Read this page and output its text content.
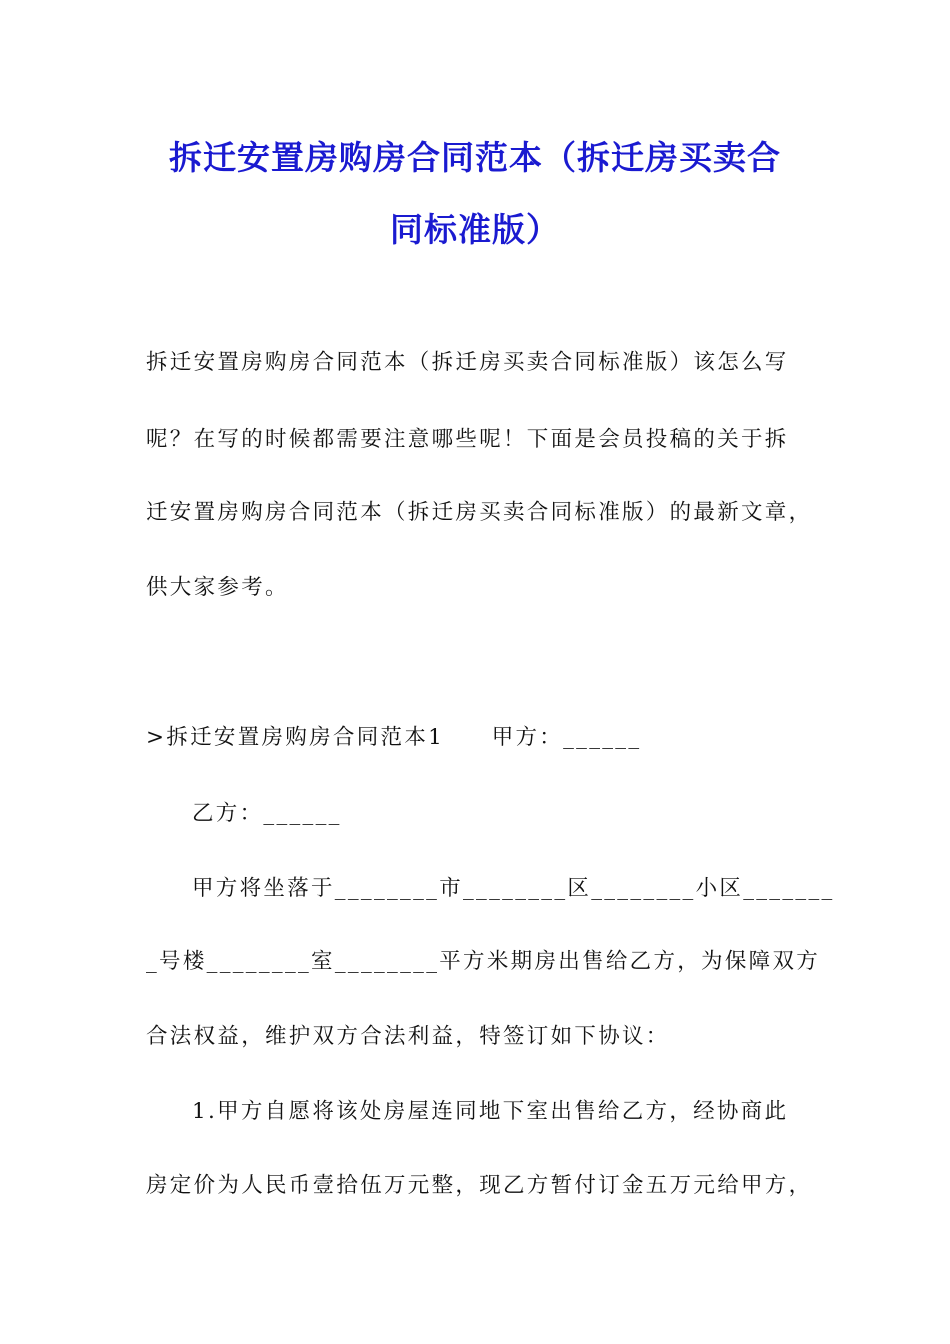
拆迁安置房购房合同范本（拆迁房买卖合
同标准版）
拆迁安置房购房合同范本（拆迁房买卖合同标准版）该怎么写
呢？在写的时候都需要注意哪些呢！下面是会员投稿的关于拆
迁安置房购房合同范本（拆迁房买卖合同标准版）的最新文章，
供大家参考。
>拆迁安置房购房合同范本1　　甲方：______
乙方：______
甲方将坐落于________市________区________小区_______
_号楼________室________平方米期房出售给乙方，为保障双方
合法权益，维护双方合法利益，特签订如下协议：
1.甲方自愿将该处房屋连同地下室出售给乙方，经协商此
房定价为人民币壹拾伍万元整，现乙方暂付订金五万元给甲方，
